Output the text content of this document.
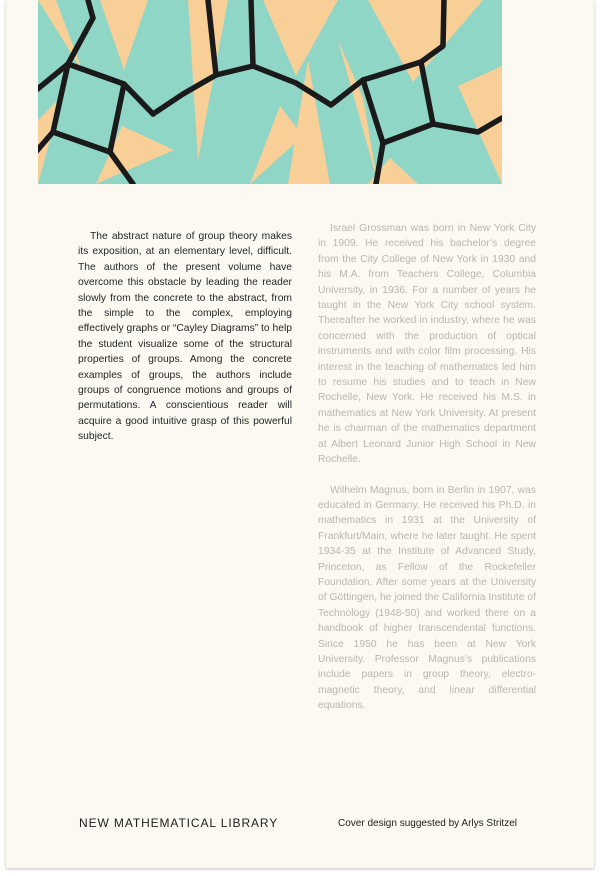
The abstract nature of group theory makes its exposition, at an elementary level, difficult. The authors of the present volume have overcome this obstacle by leading the reader slowly from the concrete to the abstract, from the simple to the complex, employing effectively graphs or “Cayley Diagrams” to help the student visualize some of the structural properties of groups. Among the concrete examples of groups, the authors include groups of congruence motions and groups of permutations. A conscientious reader will acquire a good intuitive grasp of this powerful subject.

Israel Grossman was born in New York City in 1909. He received his bachelor’s degree from the City College of New York in 1930 and his M.A. from Teachers College, Columbia University, in 1936. For a number of years he taught in the New York City school system. Thereafter he worked in industry, where he was concerned with the production of optical instruments and with color film processing. His interest in the teaching of mathematics led him to resume his studies and to teach in New Rochelle, New York. He received his M.S. in mathematics at New York University. At present he is chairman of the mathematics department at Albert Leonard Junior High School in New Rochelle.

Wilhelm Magnus, born in Berlin in 1907, was educated in Germany. He received his Ph.D. in mathematics in 1931 at the University of Frankfurt/Main, where he later taught. He spent 1934-35 at the Institute of Advanced Study, Princeton, as Fellow of the Rockefeller Foundation. After some years at the University of Göttingen, he joined the California Institute of Technology (1948-50) and worked there on a handbook of higher transcendental functions. Since 1950 he has been at New York University. Professor Magnus’s publications include papers in group theory, electro-magnetic theory, and linear differential equations.

NEW MATHEMATICAL LIBRARY	Cover design suggested by Arlys Stritzel
